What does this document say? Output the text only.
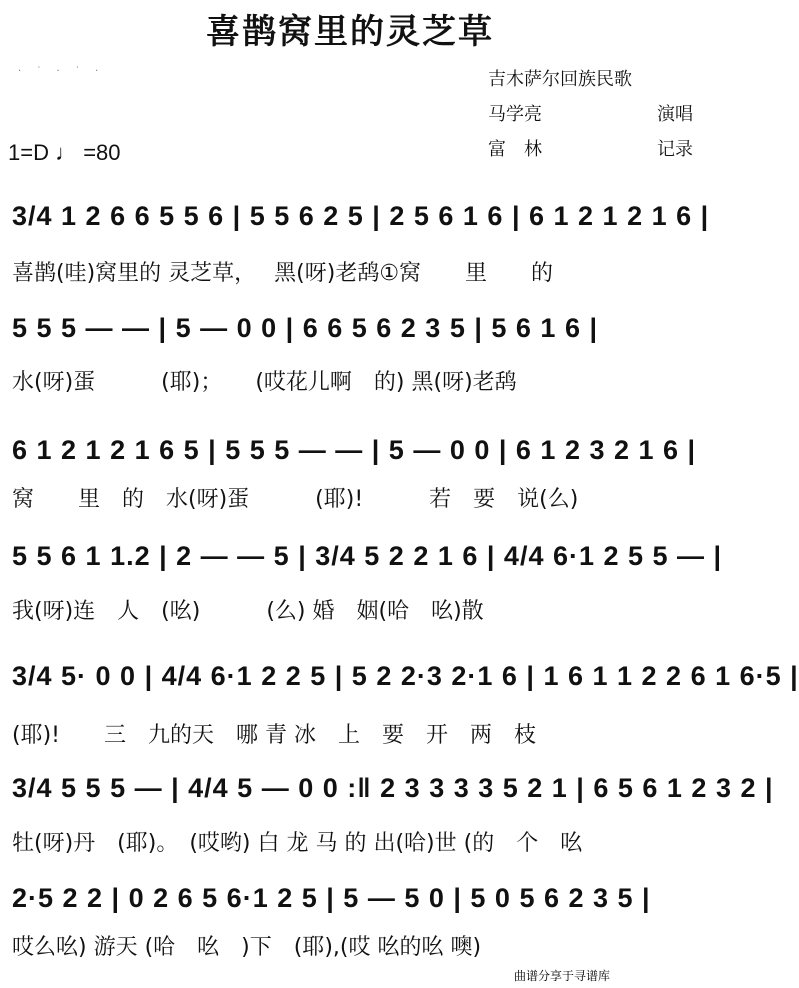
喜鹊窝里的灵芝草
· ˙ · ˙ ·	吉木萨尔回族民歌
马学亮	演唱
富　林	记录
1=D ♩ =80
3/4 1 2 6 6 5 5 6 | 5 5 6 2 5 | 2 5 6 1 6 | 6 1 2 1 2 1 6 |
喜鹊(哇)窝里的 灵芝草，　 黑(呀)老鸹①窝　　里　　的
5 5 5 — — | 5 — 0 0 | 6 6 5 6 2 3 5 | 5 6 1 6 |
水(呀)蛋　　　(耶)；　　(哎花儿啊　的) 黑(呀)老鸹
6 1 2 1 2 1 6 5 | 5 5 5 — — | 5 — 0 0 | 6 1 2 3 2 1 6 |
窝　　里　的　水(呀)蛋　　　(耶)!　　　若　要　说(么)
5 5 6 1 1.2 | 2 — — 5 | 3/4 5 2 2 1 6 | 4/4 6·1 2 5 5 — |
我(呀)连　人　(吆)　　　(么) 婚　姻(哈　吆)散
3/4 5· 0 0 | 4/4 6·1 2 2 5 | 5 2 2·3 2·1 6 | 1 6 1 1 2 2 6 1 6·5 |
(耶)!　　三　九的天　哪 青 冰　上　要　开　两　枝
3/4 5 5 5 — | 4/4 5 — 0 0 :‖ 2 3 3 3 3 5 2 1 | 6 5 6 1 2 3 2 |
牡(呀)丹　(耶)。　(哎哟) 白 龙 马 的 出(哈)世 (的　个　吆
2·5 2 2 | 0 2 6 5 6·1 2 5 | 5 — 5 0 | 5 0 5 6 2 3 5 |
哎么吆) 游天 (哈　吆　)下　(耶),(哎 吆的吆 噢)
曲谱分享于寻谱库
